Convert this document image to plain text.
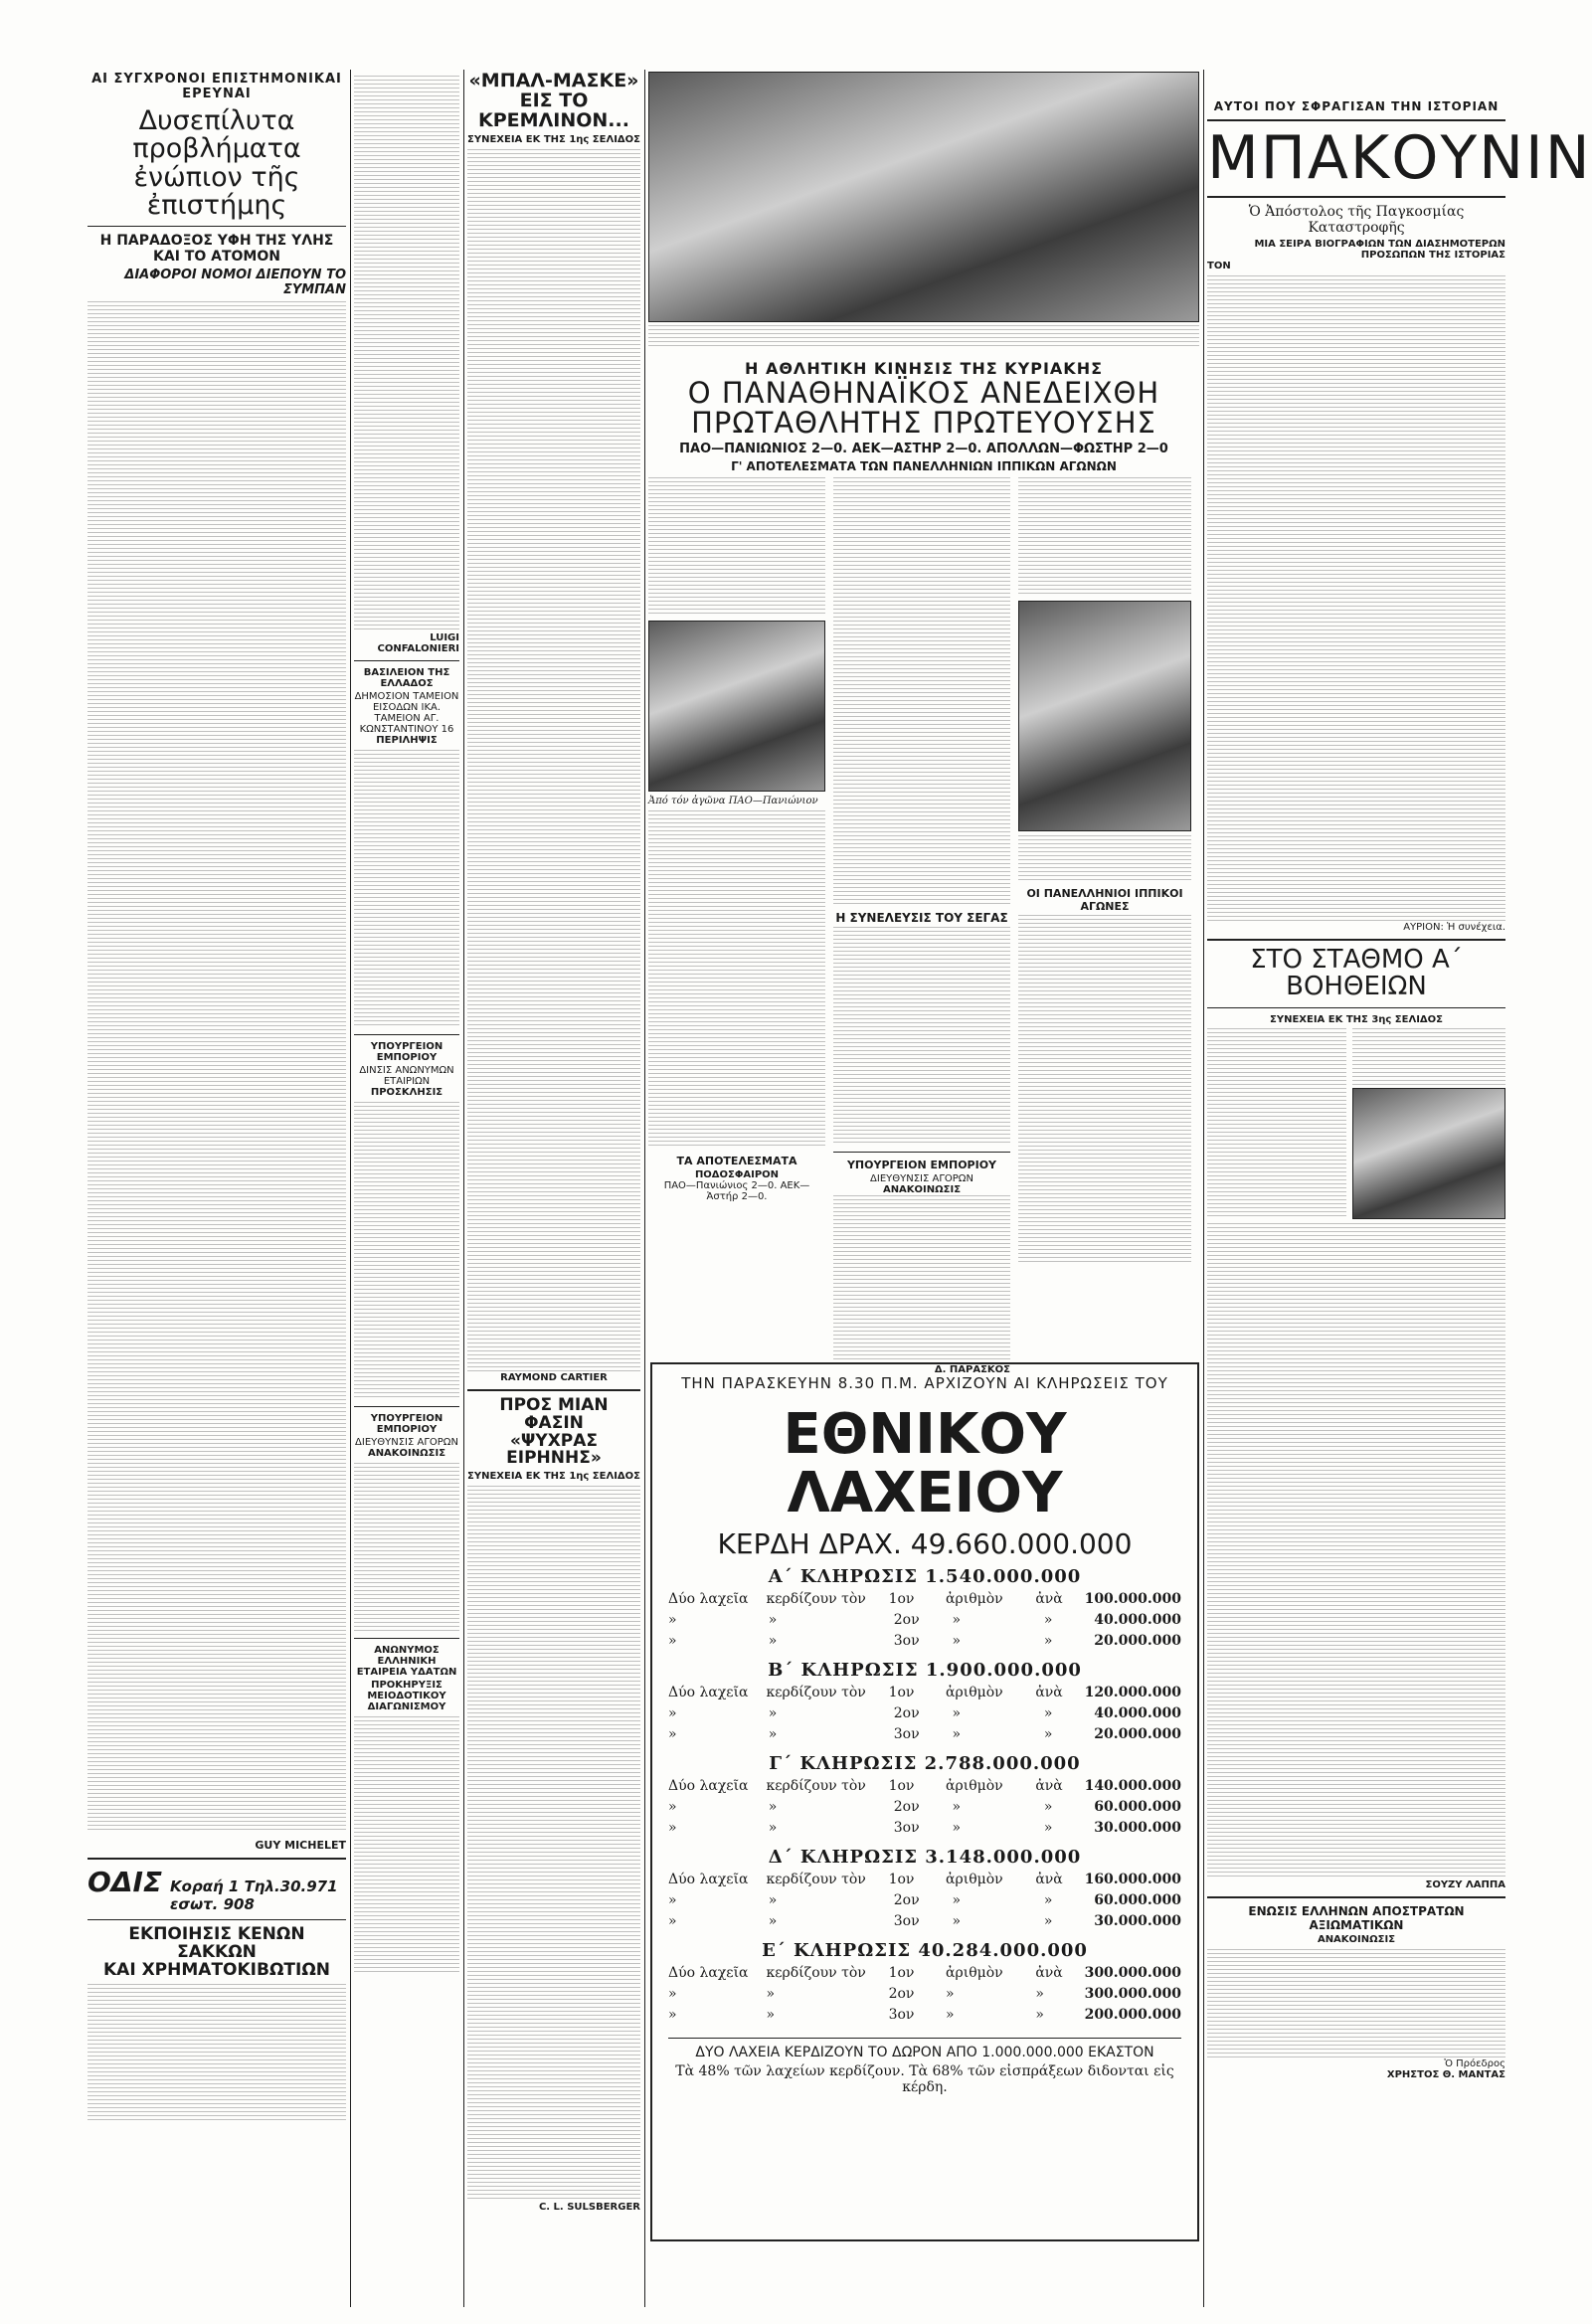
ΑΙ ΣΥΓΧΡΟΝΟΙ ΕΠΙΣΤΗΜΟΝΙΚΑΙ ΕΡΕΥΝΑΙ
Δυσεπίλυτα προβλήματα
ἐνώπιον τῆς ἐπιστήμης
Η ΠΑΡΑΔΟΞΟΣ ΥΦΗ ΤΗΣ ΥΛΗΣ ΚΑΙ ΤΟ ΑΤΟΜΟΝ
ΔΙΑΦΟΡΟΙ ΝΟΜΟΙ ΔΙΕΠΟΥΝ ΤΟ ΣΥΜΠΑΝ
GUY MICHELET
ΟΔΙΣ Κοραή 1 Τηλ.30.971 εσωτ. 908
ΕΚΠΟΙΗΣΙΣ ΚΕΝΩΝ ΣΑΚΚΩΝ
ΚΑΙ ΧΡΗΜΑΤΟΚΙΒΩΤΙΩΝ
LUIGI CONFALONIERI
ΒΑΣΙΛΕΙΟΝ ΤΗΣ ΕΛΛΑΔΟΣ
ΔΗΜΟΣΙΟΝ ΤΑΜΕΙΟΝ ΕΙΣΟΔΩΝ ΙΚΑ. ΤΑΜΕΙΟΝ ΑΓ. ΚΩΝΣΤΑΝΤΙΝΟΥ 16
ΠΕΡΙΛΗΨΙΣ
ΥΠΟΥΡΓΕΙΟΝ ΕΜΠΟΡΙΟΥ
ΔΙΝΣΙΣ ΑΝΩΝΥΜΩΝ ΕΤΑΙΡΙΩΝ
ΠΡΟΣΚΛΗΣΙΣ
ΥΠΟΥΡΓΕΙΟΝ ΕΜΠΟΡΙΟΥ
ΔΙΕΥΘΥΝΣΙΣ ΑΓΟΡΩΝ
ΑΝΑΚΟΙΝΩΣΙΣ
ΑΝΩΝΥΜΟΣ ΕΛΛΗΝΙΚΗ ΕΤΑΙΡΕΙΑ ΥΔΑΤΩΝ
ΠΡΟΚΗΡΥΞΙΣ ΜΕΙΟΔΟΤΙΚΟΥ ΔΙΑΓΩΝΙΣΜΟΥ
«ΜΠΑΛ-ΜΑΣΚΕ»
ΕΙΣ ΤΟ ΚΡΕΜΛΙΝΟΝ...
ΣΥΝΕΧΕΙΑ ΕΚ ΤΗΣ 1ης ΣΕΛΙΔΟΣ
RAYMOND CARTIER
ΠΡΟΣ ΜΙΑΝ ΦΑΣΙΝ
«ΨΥΧΡΑΣ ΕΙΡΗΝΗΣ»
ΣΥΝΕΧΕΙΑ ΕΚ ΤΗΣ 1ης ΣΕΛΙΔΟΣ
C. L. SULSBERGER
Η ΑΘΛΗΤΙΚΗ ΚΙΝΗΣΙΣ ΤΗΣ ΚΥΡΙΑΚΗΣ
Ο ΠΑΝΑΘΗΝΑΪΚΟΣ ΑΝΕΔΕΙΧΘΗ
ΠΡΩΤΑΘΛΗΤΗΣ ΠΡΩΤΕΥΟΥΣΗΣ
ΠΑΟ—ΠΑΝΙΩΝΙΟΣ 2—0. ΑΕΚ—ΑΣΤΗΡ 2—0. ΑΠΟΛΛΩΝ—ΦΩΣΤΗΡ 2—0
Γ' ΑΠΟΤΕΛΕΣΜΑΤΑ ΤΩΝ ΠΑΝΕΛΛΗΝΙΩΝ ΙΠΠΙΚΩΝ ΑΓΩΝΩΝ
Ἀπό τόν ἀγῶνα ΠΑΟ—Πανιώνιον
ΤΑ ΑΠΟΤΕΛΕΣΜΑΤΑ
ΠΟΔΟΣΦΑΙΡΟΝ
ΠΑΟ—Πανιώνιος 2—0. ΑΕΚ—Ἀστήρ 2—0.
Η ΣΥΝΕΛΕΥΣΙΣ ΤΟΥ ΣΕΓΑΣ
ΥΠΟΥΡΓΕΙΟΝ ΕΜΠΟΡΙΟΥ
ΔΙΕΥΘΥΝΣΙΣ ΑΓΟΡΩΝ
ΑΝΑΚΟΙΝΩΣΙΣ
Δ. ΠΑΡΑΣΚΟΣ
ΟΙ ΠΑΝΕΛΛΗΝΙΟΙ ΙΠΠΙΚΟΙ ΑΓΩΝΕΣ
ΤΗΝ ΠΑΡΑΣΚΕΥΗΝ 8.30 Π.Μ. ΑΡΧΙΖΟΥΝ ΑΙ ΚΛΗΡΩΣΕΙΣ ΤΟΥ
ΕΘΝΙΚΟΥ ΛΑΧΕΙΟΥ
ΚΕΡΔΗ ΔΡΑΧ. 49.660.000.000
Α΄ ΚΛΗΡΩΣΙΣ 1.540.000.000
Δύο λαχεῖα	κερδίζουν τὸν	1ον	ἀριθμὸν	ἀνὰ	100.000.000
»	»	2ον	»	»	40.000.000
»	»	3ον	»	»	20.000.000
Β΄ ΚΛΗΡΩΣΙΣ 1.900.000.000
Δύο λαχεῖα	κερδίζουν τὸν	1ον	ἀριθμὸν	ἀνὰ	120.000.000
»	»	2ον	»	»	40.000.000
»	»	3ον	»	»	20.000.000
Γ΄ ΚΛΗΡΩΣΙΣ 2.788.000.000
Δύο λαχεῖα	κερδίζουν τὸν	1ον	ἀριθμὸν	ἀνὰ	140.000.000
»	»	2ον	»	»	60.000.000
»	»	3ον	»	»	30.000.000
Δ΄ ΚΛΗΡΩΣΙΣ 3.148.000.000
Δύο λαχεῖα	κερδίζουν τὸν	1ον	ἀριθμὸν	ἀνὰ	160.000.000
»	»	2ον	»	»	60.000.000
»	»	3ον	»	»	30.000.000
Ε΄ ΚΛΗΡΩΣΙΣ 40.284.000.000
Δύο λαχεῖα	κερδίζουν τὸν	1ον	ἀριθμὸν	ἀνὰ	300.000.000
»	»	2ον	»	»	300.000.000
»	»	3ον	»	»	200.000.000
ΔΥΟ ΛΑΧΕΙΑ ΚΕΡΔΙΖΟΥΝ ΤΟ ΔΩΡΟΝ ΑΠΟ 1.000.000.000 ΕΚΑΣΤΟΝ
Τὰ 48% τῶν λαχείων κερδίζουν. Τὰ 68% τῶν εἰσπράξεων διδονται εἰς κέρδη.
ΑΥΤΟΙ ΠΟΥ ΣΦΡΑΓΙΣΑΝ ΤΗΝ ΙΣΤΟΡΙΑΝ
ΜΠΑΚΟΥΝΙΝ
Ὁ Ἀπόστολος τῆς Παγκοσμίας Καταστροφῆς
ΜΙΑ ΣΕΙΡΑ ΒΙΟΓΡΑΦΙΩΝ ΤΩΝ ΔΙΑΣΗΜΟΤΕΡΩΝ ΠΡΟΣΩΠΩΝ ΤΗΣ ΙΣΤΟΡΙΑΣ
ΤΟΝ
ΑΥΡΙΟΝ: Ἡ συνέχεια.
ΣΤΟ ΣΤΑΘΜΟ Α΄ ΒΟΗΘΕΙΩΝ
ΣΥΝΕΧΕΙΑ ΕΚ ΤΗΣ 3ης ΣΕΛΙΔΟΣ
ΣΟΥΖΥ ΛΑΠΠΑ
ΕΝΩΣΙΣ ΕΛΛΗΝΩΝ ΑΠΟΣΤΡΑΤΩΝ ΑΞΙΩΜΑΤΙΚΩΝ
ΑΝΑΚΟΙΝΩΣΙΣ
Ὁ Πρόεδρος
ΧΡΗΣΤΟΣ Θ. ΜΑΝΤΑΣ
